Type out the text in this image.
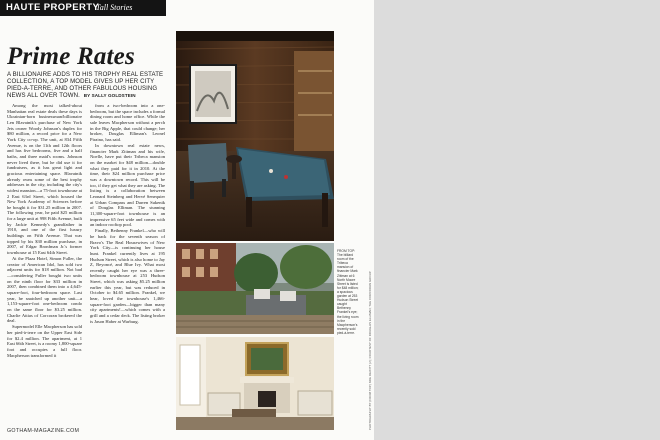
HAUTE PROPERTY
Tall Stories
Prime Rates
A BILLIONAIRE ADDS TO HIS TROPHY REAL ESTATE COLLECTION, A TOP MODEL GIVES UP HER CITY PIED-A-TERRE, AND OTHER FABULOUS HOUSING NEWS ALL OVER TOWN. BY SALLY GOLDSTEIN

Among the most talked-about Manhattan real estate deals these days is Ukrainian-born businessman/billionaire Len Blavatnik's purchase of New York Jets owner Woody Johnson's duplex for $80 million, a record price for a New York City co-op. The unit, at 834 Fifth Avenue, is on the 11th and 12th floors and has five bedrooms, five and a half baths, and three maid's rooms. Johnson never lived there, but he did use it for fundraisers, as it has great light and gracious entertaining space. Blavatnik already owns some of the best trophy addresses in the city, including the city's widest mansion—a 75-foot townhouse at 2 East 63rd Street, which housed the New York Academy of Sciences before he bought it for $31.25 million in 2007. The following year, he paid $25 million for a large unit at 998 Fifth Avenue, built by Jackie Kennedy's grandfather in 1910, and one of the first luxury buildings on Fifth Avenue. That was topped by his $30 million purchase, in 2007, of Edgar Bronfman Jr.'s former townhouse at 15 East 64th Street.

At the Plaza Hotel, Simon Fuller, the creator of American Idol, has sold two adjacent units for $18 million. Not bad—considering Fuller bought two units on the ninth floor for $33 million in 2007, then combined them into a 4,645-square-foot, four-bedroom space. Last year, he snatched up another unit—a 1,153-square-foot one-bedroom condo on the same floor for $3.25 million. Charlie Attias of Corcoran brokered the deal.

Supermodel Elle Macpherson has sold her pied-à-terre on the Upper East Side for $2.4 million. The apartment, at 1 East 66th Street, is a roomy 1,800-square foot and occupies a full floor. Macpherson transformed it

from a two-bedroom into a one-bedroom, but the space includes a formal dining room and home office. While the sale leaves Macpherson without a perch in the Big Apple, that could change; her broker, Douglas Elliman's Leonel Piraino, has said.

In downtown real estate news, financier Mark Zittman and his wife, Noelle, have put their Tribeca mansion on the market for $48 million—double what they paid for it in 2010. At the time, their $24 million purchase price was a downtown record. This will be too, if they get what they are asking. The listing is a collaboration between Leonard Steinberg and Hervé Senequier at Urban Compass and Darren Sukenik of Douglas Elliman. The stunning 11,300-square-foot townhouse is an impressive 65 feet wide and comes with an indoor rooftop pool.

Finally, Bethenny Frankel—who will be back for the seventh season of Bravo's The Real Housewives of New York City—is continuing her house hunt. Frankel currently lives at 195 Hudson Street, which is also home to Jay Z, Beyoncé, and Blue Ivy. What most recently caught her eye was a three-bedroom townhouse at 253 Hudson Street, which was asking $5.25 million earlier this year, but was reduced in October to $4.65 million. Frankel, we hear, loved the townhouse's 1,466-square-foot garden—bigger than many city apartments!—which comes with a grill and a cedar deck. The listing broker is Jason Haber at Warburg.

FROM TOP: The billiard room of the Tribeca mansion of financier Mark Zittman at 6 North Moore Street is listed for $48 million; a spacious garden at 253 Hudson Street caught Bethenny Frankel's eye; the living room in the Macpherson's recently sold pied-à-terre.	PHOTOGRAPHY BY (FROM TOP) NOE DEWITT (2); COURTESY OF DOUGLAS ELLIMAN; THE CORCORAN GROUP
GOTHAM-MAGAZINE.COM
